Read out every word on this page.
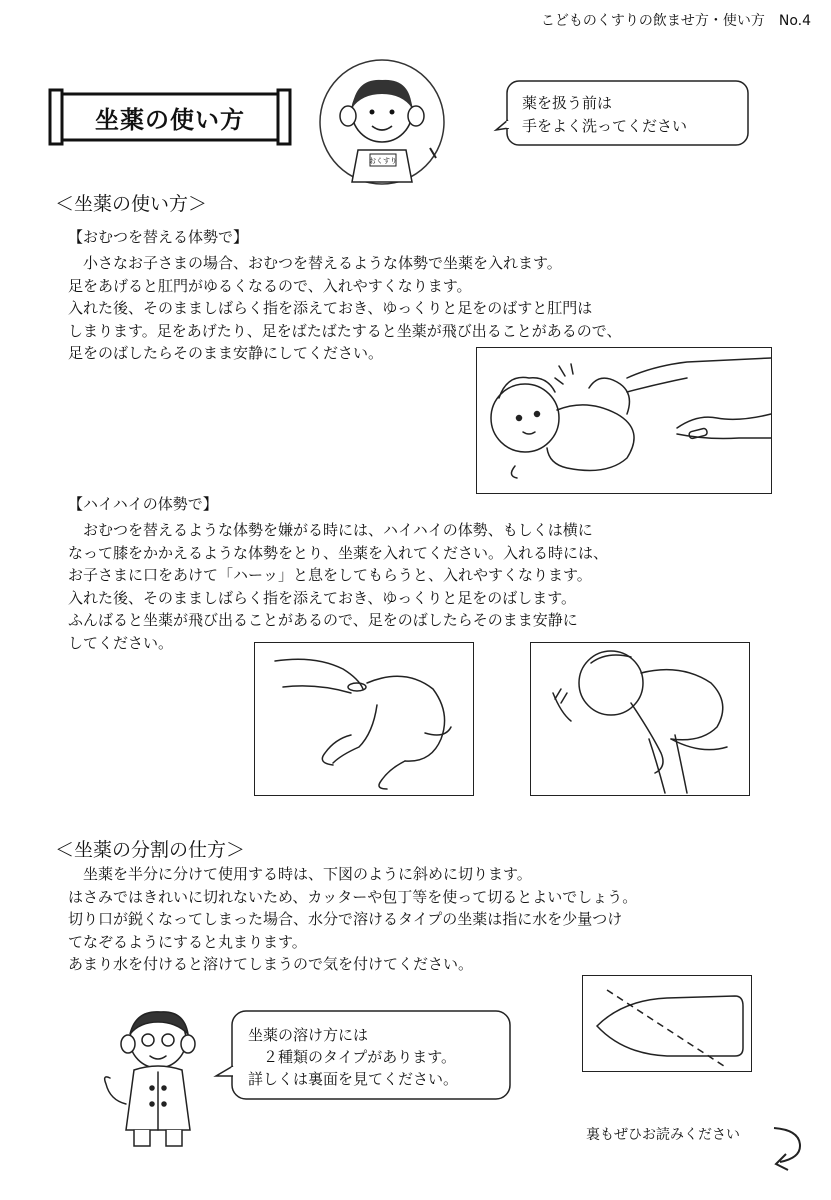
こどものくすりの飲ませ方・使い方　No.4
坐薬の使い方
おくすり
薬を扱う前は
手をよく洗ってください
＜坐薬の使い方＞
【おむつを替える体勢で】
　小さなお子さまの場合、おむつを替えるような体勢で坐薬を入れます。
足をあげると肛門がゆるくなるので、入れやすくなります。
入れた後、そのまましばらく指を添えておき、ゆっくりと足をのばすと肛門は
しまります。足をあげたり、足をばたばたすると坐薬が飛び出ることがあるので、
足をのばしたらそのまま安静にしてください。
【ハイハイの体勢で】
　おむつを替えるような体勢を嫌がる時には、ハイハイの体勢、もしくは横に
なって膝をかかえるような体勢をとり、坐薬を入れてください。入れる時には、
お子さまに口をあけて「ハーッ」と息をしてもらうと、入れやすくなります。
入れた後、そのまましばらく指を添えておき、ゆっくりと足をのばします。
ふんばると坐薬が飛び出ることがあるので、足をのばしたらそのまま安静に
してください。
＜坐薬の分割の仕方＞
　坐薬を半分に分けて使用する時は、下図のように斜めに切ります。
はさみではきれいに切れないため、カッターや包丁等を使って切るとよいでしょう。
切り口が鋭くなってしまった場合、水分で溶けるタイプの坐薬は指に水を少量つけ
てなぞるようにすると丸まります。
あまり水を付けると溶けてしまうので気を付けてください。
坐薬の溶け方には
　２種類のタイプがあります。
詳しくは裏面を見てください。
裏もぜひお読みください
